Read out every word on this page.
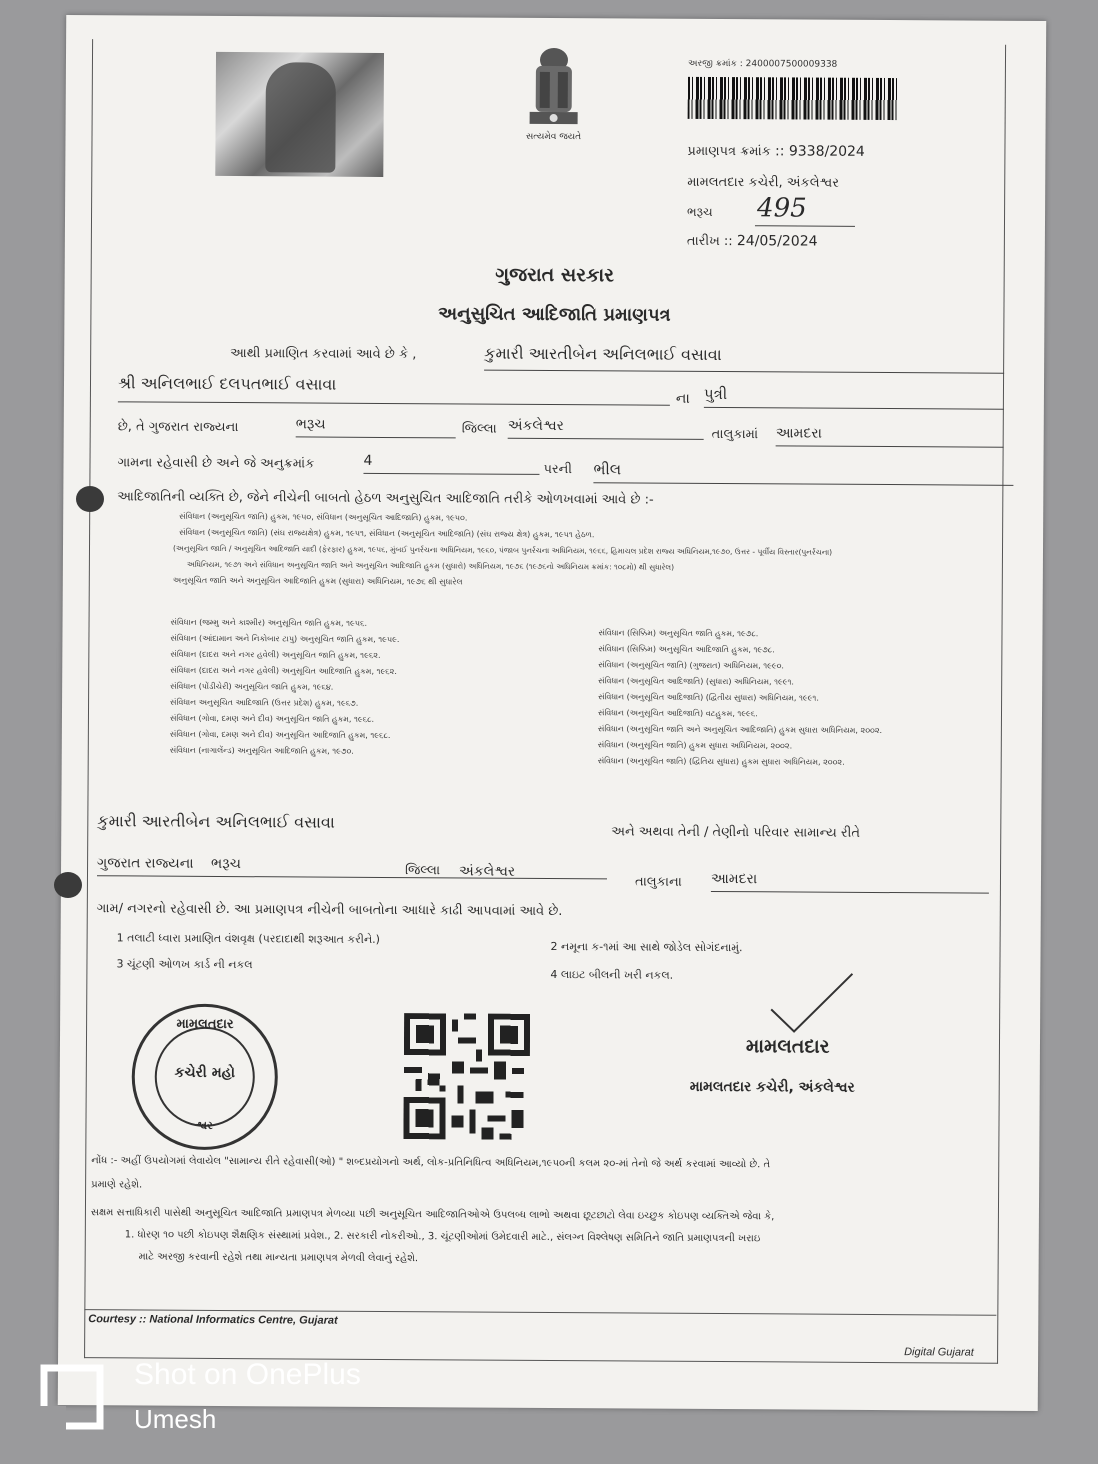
સત્યમેવ જયતે
અરજી ક્રમાંક : 2400007500009338
પ્રમાણપત્ર ક્રમાંક :: 9338/2024
મામલતદાર કચેરી, અંકલેશ્વર
ભરૂચ 495
તારીખ :: 24/05/2024
ગુજરાત સરકાર
અનુસુચિત આદિજાતિ પ્રમાણપત્ર
આથી પ્રમાણિત કરવામાં આવે છે કે ,	કુમારી આરતીબેન અનિલભાઈ વસાવા
શ્રી અનિલભાઈ દલપતભાઈ વસાવા
ના પુત્રી
છે, તે ગુજરાત રાજ્યના	ભરૂચ	જિલ્લા અંકલેશ્વર
તાલુકામાં આમદરા
ગામના રહેવાસી છે અને જે અનુક્રમાંક	4
પરની ભીલ
આદિજાતિની વ્યક્તિ છે, જેને નીચેની બાબતો હેઠળ અનુસુચિત આદિજાતિ તરીકે ઓળખવામાં આવે છે :-
સંવિધાન (અનુસૂચિત જાતિ) હુકમ, ૧૯૫૦, સંવિધાન (અનુસૂચિત આદિજાતિ) હુકમ, ૧૯૫૦.
સંવિધાન (અનુસૂચિત જાતિ) (સંઘ રાજ્યક્ષેત્ર) હુકમ, ૧૯૫૧, સંવિધાન (અનુસૂચિત આદિજાતિ) (સંઘ રાજ્ય ક્ષેત્ર) હુકમ, ૧૯૫૧ હેઠળ.
(અનુસૂચિત જાતિ / અનુસૂચિત આદિજાતિ યાદી (ફેરફાર) હુકમ, ૧૯૫૬, મુંબઈ પુનર્રચના અધિનિયમ, ૧૯૬૦, પંજાબ પુનર્રચના અધિનિયમ, ૧૯૬૬, હિમાચલ પ્રદેશ રાજ્ય અધિનિયમ,૧૯૭૦, ઉત્તર - પૂર્વીય વિસ્તાર(પુનર્રચના)
અધિનિયમ, ૧૯૭૧ અને સંવિધાન અનુસૂચિત જાતિ અને અનુસૂચિત આદિજાતિ હુકમ (સુધારો) અધિનિયમ, ૧૯૭૬ (૧૯૭૬નો અધિનિયમ ક્રમાંક: ૧૦૮મો) થી સુધારેલ)
અનુસૂચિત જાતિ અને અનુસૂચિત આદિજાતિ હુકમ (સુધારા) અધિનિયમ, ૧૯૭૬ થી સુધારેલ
સંવિધાન (જમ્મુ અને કાશ્મીર) અનુસૂચિત જાતિ હુકમ, ૧૯૫૬.
સંવિધાન (આંદામાન અને નિકોબાર ટાપુ) અનુસૂચિત જાતિ હુકમ, ૧૯૫૯.
સંવિધાન (દાદરા અને નગર હવેલી) અનુસૂચિત જાતિ હુકમ, ૧૯૬૨.
સંવિધાન (દાદરા અને નગર હવેલી) અનુસૂચિત આદિજાતિ હુકમ, ૧૯૬૨.
સંવિધાન (પોંડીચેરી) અનુસૂચિત જાતિ હુકમ, ૧૯૬૪.
સંવિધાન અનુસૂચિત આદિજાતિ (ઉત્તર પ્રદેશ) હુકમ, ૧૯૬૭.
સંવિધાન (ગોવા, દમણ અને દીવ) અનુસૂચિત જાતિ હુકમ, ૧૯૬૮.
સંવિધાન (ગોવા, દમણ અને દીવ) અનુસૂચિત આદિજાતિ હુકમ, ૧૯૬૮.
સંવિધાન (નાગાલેંન્ડ) અનુસૂચિત આદિજાતિ હુકમ, ૧૯૭૦.
સંવિધાન (સિક્કિમ) અનુસૂચિત જાતિ હુકમ, ૧૯૭૮.
સંવિધાન (સિક્કિમ) અનુસૂચિત આદિજાતિ હુકમ, ૧૯૭૮.
સંવિધાન (અનુસૂચિત જાતિ) (ગુજરાત) અધિનિયમ, ૧૯૯૦.
સંવિધાન (અનુસૂચિત આદિજાતિ) (સુધારા) અધિનિયમ, ૧૯૯૧.
સંવિધાન (અનુસૂચિત આદિજાતિ) (દ્વિતીય સુધારા) અધિનિયમ, ૧૯૯૧.
સંવિધાન (અનુસૂચિત આદિજાતિ) વટહુકમ, ૧૯૯૬.
સંવિધાન (અનુસૂચિત જાતિ અને અનુસૂચિત આદિજાતિ) હુકમ સુધારા અધિનિયમ, ૨૦૦૨.
સંવિધાન (અનુસૂચિત જાતિ) હુકમ સુધારા અધિનિયમ, ૨૦૦૨.
સંવિધાન (અનુસૂચિત જાતિ) (દ્વિતિય સુધારા) હુકમ સુધારા અધિનિયમ, ૨૦૦૨.
કુમારી આરતીબેન અનિલભાઈ વસાવા
અને અથવા તેની / તેણીનો પરિવાર સામાન્ય રીતે
ગુજરાત રાજ્યના ભરૂચ	જિલ્લા અંકલેશ્વર
તાલુકાના આમદરા
ગામ/ નગરનો રહેવાસી છે. આ પ્રમાણપત્ર નીચેની બાબતોના આધારે કાઢી આપવામાં આવે છે.
1 તલાટી ધ્વારા પ્રમાણિત વંશવૃક્ષ (પરદાદાથી શરૂઆત કરીને.)
2 નમૂના ક-૧માં આ સાથે જોડેલ સોગંદનામું.
3 ચૂંટણી ઓળખ કાર્ડ ની નકલ
4 લાઇટ બીલની ખરી નકલ.
મામલતદાર
કચેરી મહો
શ્વર
મામલતદાર
મામલતદાર કચેરી, અંકલેશ્વર
નોંધ :- અહીં ઉપયોગમાં લેવાયેલ "સામાન્ય રીતે રહેવાસી(ઓ) " શબ્દપ્રયોગનો અર્થ, લોક-પ્રતિનિધિત્વ અધિનિયમ,૧૯૫૦ની કલમ ૨૦-માં તેનો જે અર્થ કરવામાં આવ્યો છે. તે
પ્રમાણે રહેશે.
સક્ષમ સત્તાધિકારી પાસેથી અનુસૂચિત આદિજાતિ પ્રમાણપત્ર મેળવ્યા પછી અનુસૂચિત આદિજાતિઓએ ઉપલબ્ધ લાભો અથવા છૂટછાટો લેવા ઇચ્છુક કોઇપણ વ્યક્તિએ જેવા કે,
1. ધોરણ ૧૦ પછી કોઇપણ શૈક્ષણિક સંસ્થામાં પ્રવેશ., 2. સરકારી નોકરીઓ., 3. ચૂંટણીઓમાં ઉમેદવારી માટે., સંલગ્ન વિશ્લેષણ સમિતિને જાતિ પ્રમાણપત્રની ખરાઇ
માટે અરજી કરવાની રહેશે તથા માન્યતા પ્રમાણપત્ર મેળવી લેવાનું રહેશે.
Courtesy :: National Informatics Centre, Gujarat
Digital Gujarat
Shot on OnePlus
Umesh
